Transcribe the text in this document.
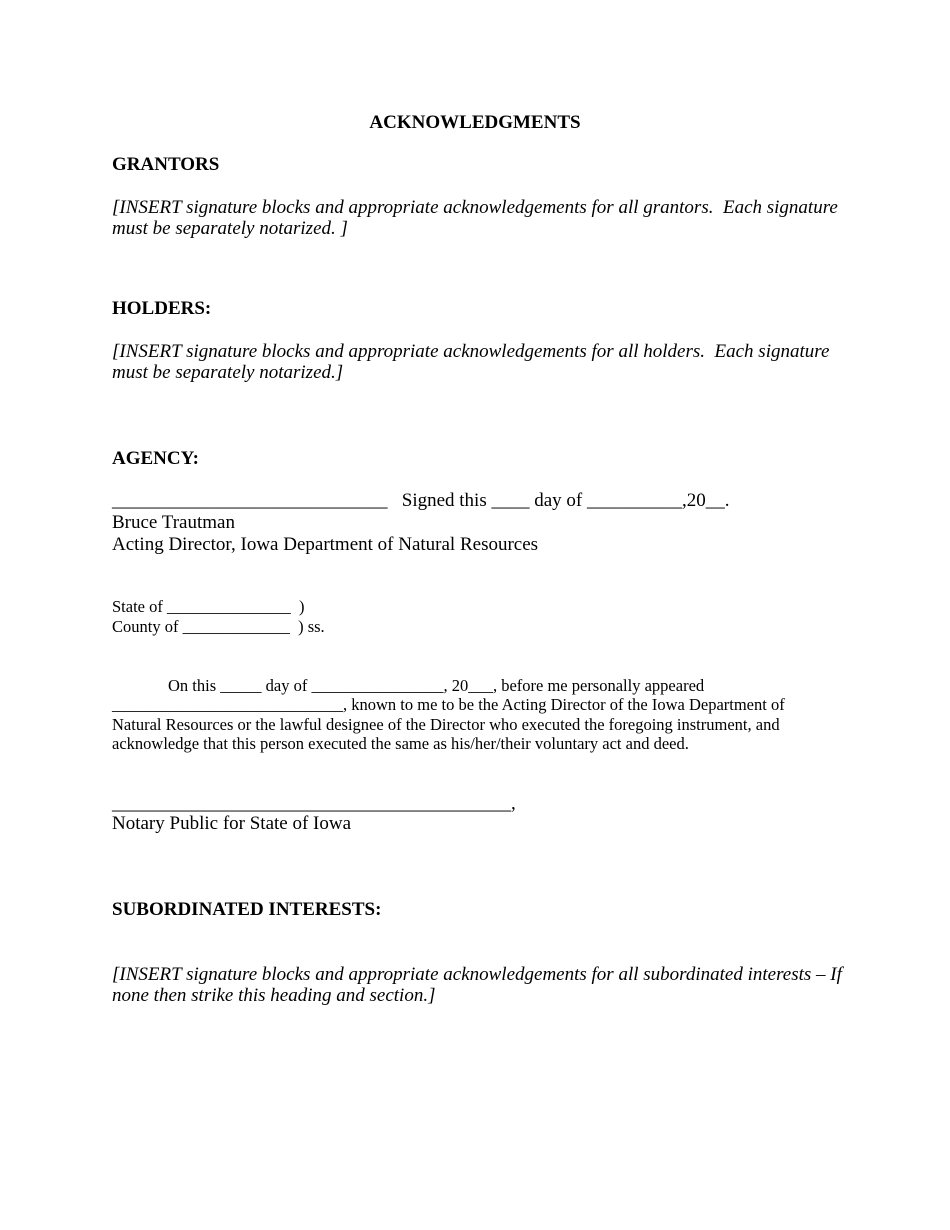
ACKNOWLEDGMENTS
GRANTORS
[INSERT signature blocks and appropriate acknowledgements for all grantors.  Each signature
must be separately notarized. ]
HOLDERS:
[INSERT signature blocks and appropriate acknowledgements for all holders.  Each signature
must be separately notarized.]
AGENCY:
_____________________________   Signed this ____ day of __________,20__.
Bruce Trautman
Acting Director, Iowa Department of Natural Resources
State of _______________  )
County of _____________  ) ss.
On this _____ day of ________________, 20___, before me personally appeared
____________________________, known to me to be the Acting Director of the Iowa Department of
Natural Resources or the lawful designee of the Director who executed the foregoing instrument, and
acknowledge that this person executed the same as his/her/their voluntary act and deed.
__________________________________________,
Notary Public for State of Iowa
SUBORDINATED INTERESTS:
[INSERT signature blocks and appropriate acknowledgements for all subordinated interests – If
none then strike this heading and section.]
